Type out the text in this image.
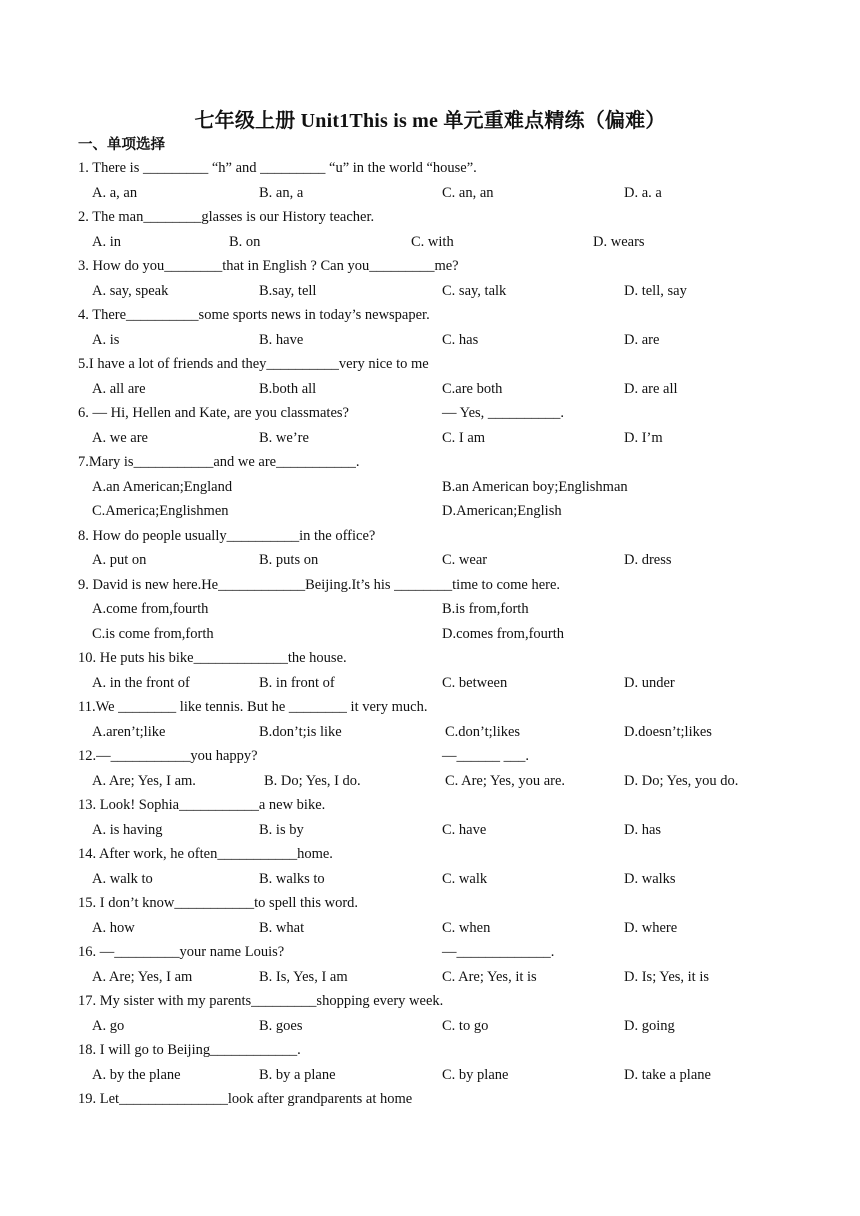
七年级上册 Unit1This is me 单元重难点精练（偏难）
一、单项选择
1. There is _________ “h” and _________ “u” in the world “house”.
A. a, an	B. an, a	C. an, an	D. a. a
2. The man________glasses is our History teacher.
A. in	B. on	C. with	D. wears
3. How do you________that in English ? Can you_________me?
A. say, speak	B.say, tell	C. say, talk	D. tell, say
4. There__________some sports news in today’s newspaper.
A. is	B. have	C. has	D. are
5.I have a lot of friends and they__________very nice to me
A. all are	B.both all	C.are both	D. are all
6. — Hi, Hellen and Kate, are you classmates?	— Yes, __________.
A. we are	B. we’re	C. I am	D. I’m
7.Mary is___________and we are___________.
A.an American;England	B.an American boy;Englishman
C.America;Englishmen	D.American;English
8. How do people usually__________in the office?
A. put on	B. puts on	C. wear	D. dress
9. David is new here.He____________Beijing.It’s his ________time to come here.
A.come from,fourth	B.is from,forth
C.is come from,forth	D.comes from,fourth
10. He puts his bike_____________the house.
A. in the front of	B. in front of	C. between	D. under
11.We ________ like tennis. But he ________ it very much.
A.aren’t;like	B.don’t;is like	C.don’t;likes	D.doesn’t;likes
12.—___________you happy?	—______ ___.
A. Are; Yes, I am.	B. Do; Yes, I do.	C. Are; Yes, you are.	D. Do; Yes, you do.
13. Look! Sophia___________a new bike.
A. is having	B. is by	C. have	D. has
14. After work, he often___________home.
A. walk to	B. walks to	C. walk	D. walks
15. I don’t know___________to spell this word.
A. how	B. what	C. when	D. where
16. —_________your name Louis?	—_____________.
A. Are; Yes, I am	B. Is, Yes, I am	C. Are; Yes, it is	D. Is; Yes, it is
17. My sister with my parents_________shopping every week.
A. go	B. goes	C. to go	D. going
18. I will go to Beijing____________.
A. by the plane	B. by a plane	C. by plane	D. take a plane
19. Let_______________look after grandparents at home
